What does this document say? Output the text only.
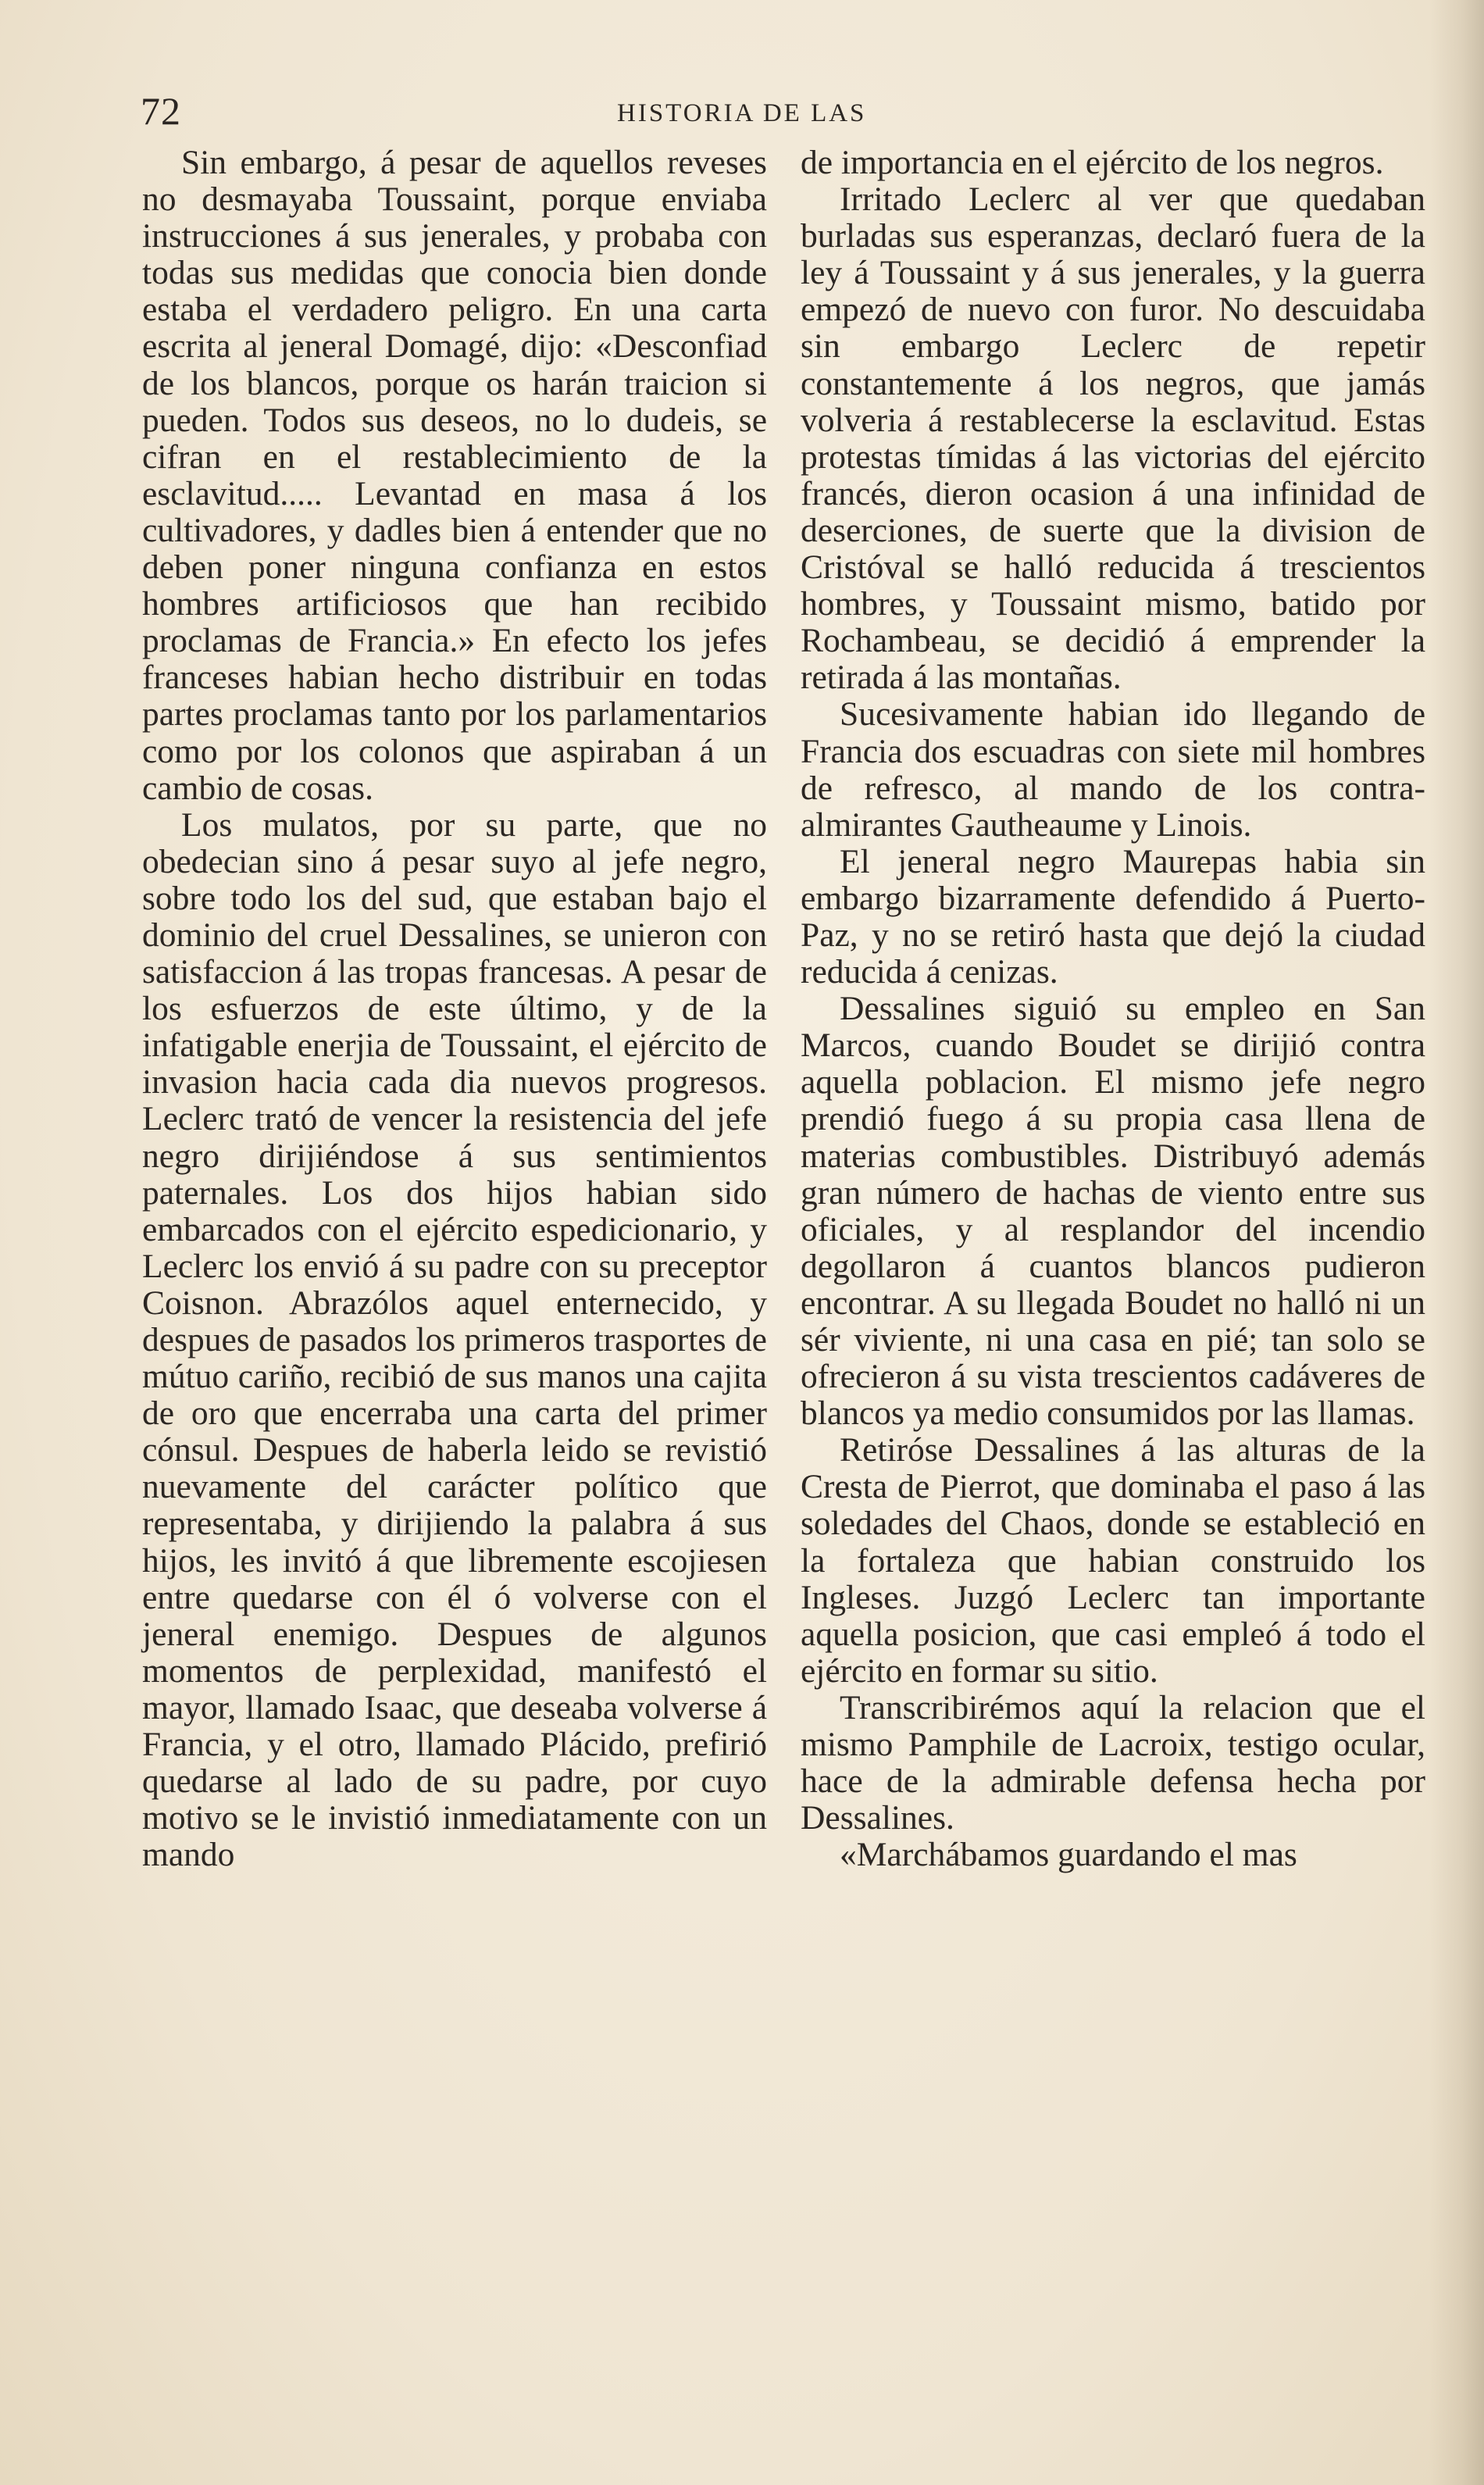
72	HISTORIA DE LAS

Sin embargo, á pesar de aquellos reveses no desmayaba Toussaint, porque enviaba instrucciones á sus jenerales, y probaba con todas sus medidas que conocia bien donde estaba el verdadero peligro. En una carta escrita al jeneral Domagé, dijo: «Desconfiad de los blancos, porque os harán traicion si pueden. Todos sus deseos, no lo dudeis, se cifran en el restablecimiento de la esclavitud..... Levantad en masa á los cultivadores, y dadles bien á entender que no deben poner ninguna confianza en estos hombres artificiosos que han recibido proclamas de Francia.» En efecto los jefes franceses habian hecho distribuir en todas partes proclamas tanto por los parlamentarios como por los colonos que aspiraban á un cambio de cosas.

Los mulatos, por su parte, que no obedecian sino á pesar suyo al jefe negro, sobre todo los del sud, que estaban bajo el dominio del cruel Dessalines, se unieron con satisfaccion á las tropas francesas. A pesar de los esfuerzos de este último, y de la infatigable enerjia de Toussaint, el ejército de invasion hacia cada dia nuevos progresos. Leclerc trató de vencer la resistencia del jefe negro dirijiéndose á sus sentimientos paternales. Los dos hijos habian sido embarcados con el ejército espedicionario, y Leclerc los envió á su padre con su preceptor Coisnon. Abrazólos aquel enternecido, y despues de pasados los primeros trasportes de mútuo cariño, recibió de sus manos una cajita de oro que encerraba una carta del primer cónsul. Despues de haberla leido se revistió nuevamente del carácter político que representaba, y dirijiendo la palabra á sus hijos, les invitó á que libremente escojiesen entre quedarse con él ó volverse con el jeneral enemigo. Despues de algunos momentos de perplexidad, manifestó el mayor, llamado Isaac, que deseaba volverse á Francia, y el otro, llamado Plácido, prefirió quedarse al lado de su padre, por cuyo motivo se le invistió inmediatamente con un mando

de importancia en el ejército de los negros.

Irritado Leclerc al ver que quedaban burladas sus esperanzas, declaró fuera de la ley á Toussaint y á sus jenerales, y la guerra empezó de nuevo con furor. No descuidaba sin embargo Leclerc de repetir constantemente á los negros, que jamás volveria á restablecerse la esclavitud. Estas protestas tímidas á las victorias del ejército francés, dieron ocasion á una infinidad de deserciones, de suerte que la division de Cristóval se halló reducida á trescientos hombres, y Toussaint mismo, batido por Rochambeau, se decidió á emprender la retirada á las montañas.

Sucesivamente habian ido llegando de Francia dos escuadras con siete mil hombres de refresco, al mando de los contra-almirantes Gautheaume y Linois.

El jeneral negro Maurepas habia sin embargo bizarramente defendido á Puerto-Paz, y no se retiró hasta que dejó la ciudad reducida á cenizas.

Dessalines siguió su empleo en San Marcos, cuando Boudet se dirijió contra aquella poblacion. El mismo jefe negro prendió fuego á su propia casa llena de materias combustibles. Distribuyó además gran número de hachas de viento entre sus oficiales, y al resplandor del incendio degollaron á cuantos blancos pudieron encontrar. A su llegada Boudet no halló ni un sér viviente, ni una casa en pié; tan solo se ofrecieron á su vista trescientos cadáveres de blancos ya medio consumidos por las llamas.

Retiróse Dessalines á las alturas de la Cresta de Pierrot, que dominaba el paso á las soledades del Chaos, donde se estableció en la fortaleza que habian construido los Ingleses. Juzgó Leclerc tan importante aquella posicion, que casi empleó á todo el ejército en formar su sitio.

Transcribirémos aquí la relacion que el mismo Pamphile de Lacroix, testigo ocular, hace de la admirable defensa hecha por Dessalines.

«Marchábamos guardando el mas
